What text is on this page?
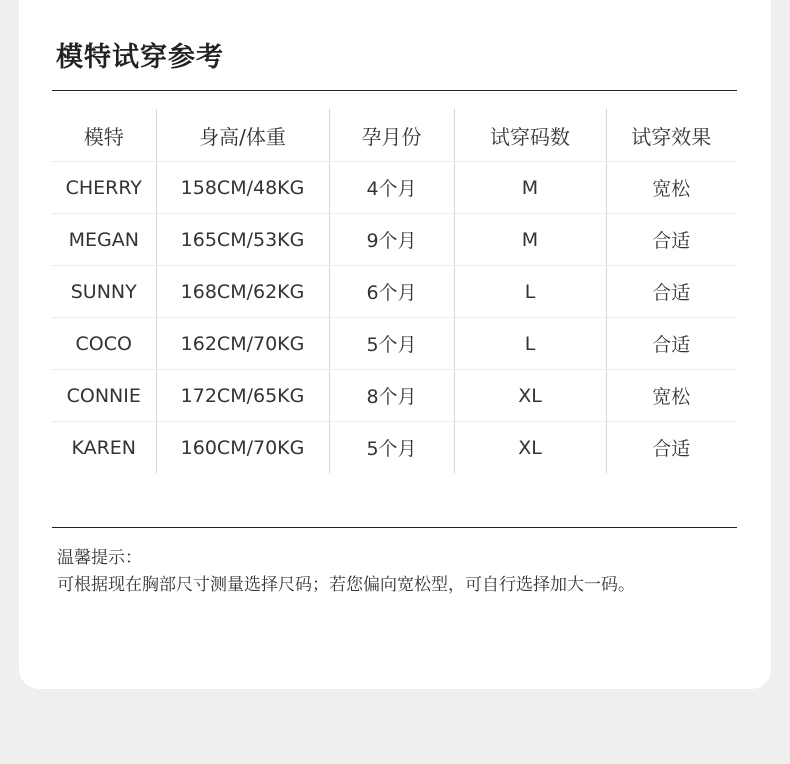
模特试穿参考
模特	身高/体重	孕月份	试穿码数	试穿效果
CHERRY	158CM/48KG	4个月	M	宽松
MEGAN	165CM/53KG	9个月	M	合适
SUNNY	168CM/62KG	6个月	L	合适
COCO	162CM/70KG	5个月	L	合适
CONNIE	172CM/65KG	8个月	XL	宽松
KAREN	160CM/70KG	5个月	XL	合适
温馨提示：
可根据现在胸部尺寸测量选择尺码；若您偏向宽松型，可自行选择加大一码。
